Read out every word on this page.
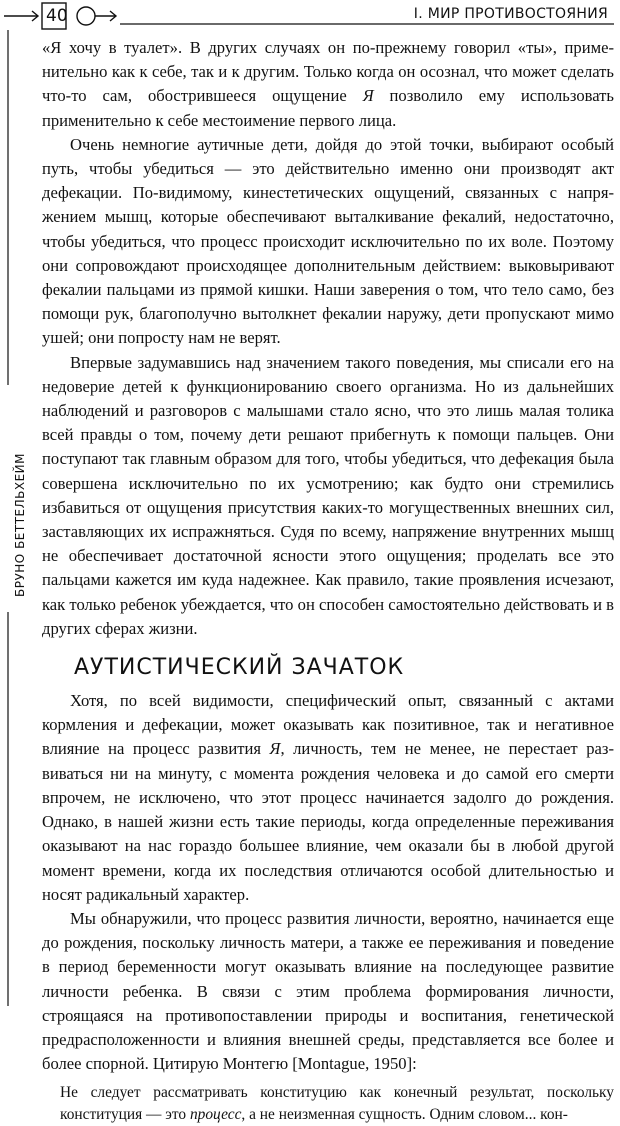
40	I. МИР ПРОТИВОСТОЯНИЯ
БРУНО БЕТТЕЛЬХЕЙМ

«Я хочу в туалет». В других случаях он по-прежнему говорил «ты», применительно как к себе, так и к другим. Только когда он осознал, что может сделать что-то сам, обострившееся ощущение Я позволило ему использовать применительно к себе местоимение первого лица.

Очень немногие аутичные дети, дойдя до этой точки, выбирают особый путь, чтобы убедиться — это действительно именно они производят акт дефекации. По-видимому, кинестетических ощущений, связанных с напряжением мышц, которые обеспечивают выталкивание фекалий, недостаточно, чтобы убедиться, что процесс происходит исключительно по их воле. Поэтому они сопровождают происходящее дополнительным действием: выковыривают фекалии пальцами из прямой кишки. Наши заверения о том, что тело само, без помощи рук, благополучно вытолкнет фекалии наружу, дети пропускают мимо ушей; они попросту нам не верят.

Впервые задумавшись над значением такого поведения, мы списали его на недоверие детей к функционированию своего организма. Но из дальнейших наблюдений и разговоров с малышами стало ясно, что это лишь малая толика всей правды о том, почему дети решают прибегнуть к помощи пальцев. Они поступают так главным образом для того, чтобы убедиться, что дефекация была совершена исключительно по их усмотрению; как будто они стремились избавиться от ощущения присутствия каких-то могущественных внешних сил, заставляющих их испражняться. Судя по всему, напряжение внутренних мышц не обеспечивает достаточной ясности этого ощущения; проделать все это пальцами кажется им куда надежнее. Как правило, такие проявления исчезают, как только ребенок убеждается, что он способен самостоятельно действовать и в других сферах жизни.

АУТИСТИЧЕСКИЙ ЗАЧАТОК

Хотя, по всей видимости, специфический опыт, связанный с актами кормления и дефекации, может оказывать как позитивное, так и негативное влияние на процесс развития Я, личность, тем не менее, не перестает развиваться ни на минуту, с момента рождения человека и до самой его смерти впрочем, не исключено, что этот процесс начинается задолго до рождения. Однако, в нашей жизни есть такие периоды, когда определенные переживания оказывают на нас гораздо большее влияние, чем оказали бы в любой другой момент времени, когда их последствия отличаются особой длительностью и носят радикальный характер.

Мы обнаружили, что процесс развития личности, вероятно, начинается еще до рождения, поскольку личность матери, а также ее переживания и поведение в период беременности могут оказывать влияние на последующее развитие личности ребенка. В связи с этим проблема формирования личности, строящаяся на противопоставлении природы и воспитания, генетической предрасположенности и влияния внешней среды, представляется все более и более спорной. Цитирую Монтегю [Montague, 1950]:

Не следует рассматривать конституцию как конечный результат, поскольку конституция — это процесс, а не неизменная сущность. Одним словом... кон-
